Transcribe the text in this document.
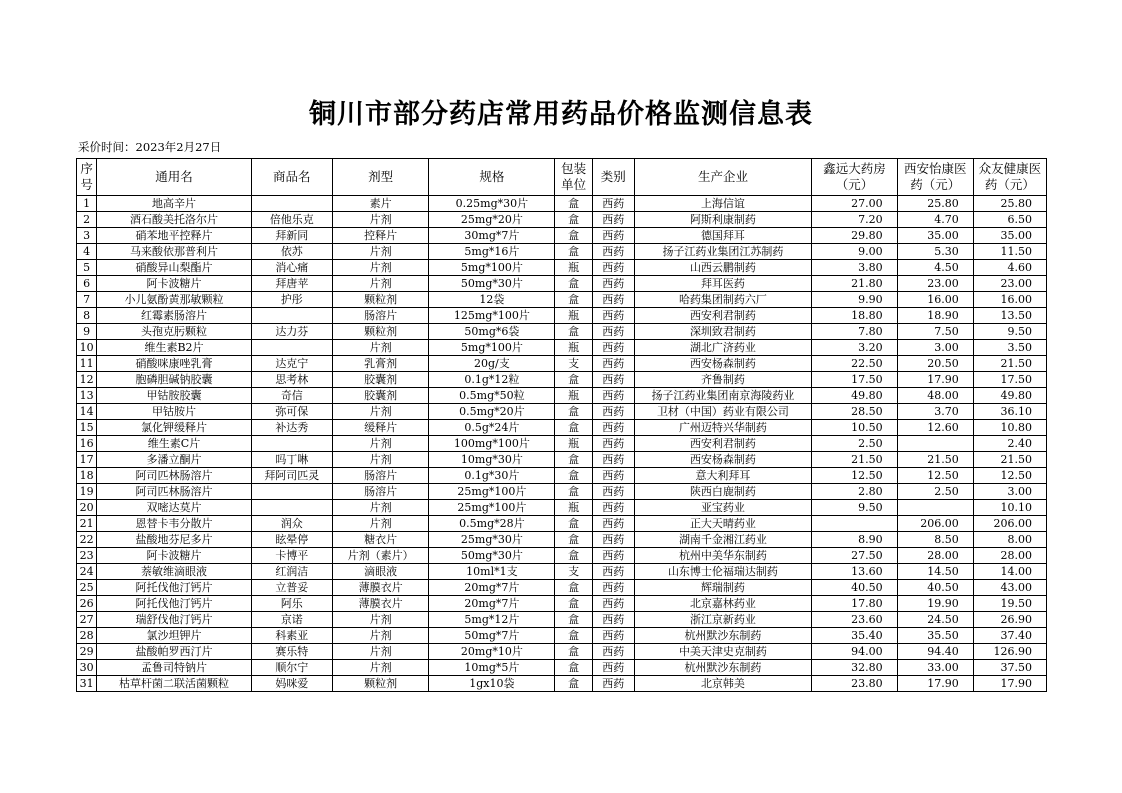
铜川市部分药店常用药品价格监测信息表
采价时间：2023年2月27日
序号	通用名	商品名	剂型	规格	包装单位	类别	生产企业	鑫远大药房（元）	西安怡康医药（元）	众友健康医药（元）
1	地高辛片		素片	0.25mg*30片	盒	西药	上海信谊	27.00	25.80	25.80
2	酒石酸美托洛尔片	倍他乐克	片剂	25mg*20片	盒	西药	阿斯利康制药	7.20	4.70	6.50
3	硝苯地平控释片	拜新同	控释片	30mg*7片	盒	西药	德国拜耳	29.80	35.00	35.00
4	马来酸依那普利片	依苏	片剂	5mg*16片	盒	西药	扬子江药业集团江苏制药	9.00	5.30	11.50
5	硝酸异山梨酯片	消心痛	片剂	5mg*100片	瓶	西药	山西云鹏制药	3.80	4.50	4.60
6	阿卡波糖片	拜唐苹	片剂	50mg*30片	盒	西药	拜耳医药	21.80	23.00	23.00
7	小儿氨酚黄那敏颗粒	护彤	颗粒剂	12袋	盒	西药	哈药集团制药六厂	9.90	16.00	16.00
8	红霉素肠溶片		肠溶片	125mg*100片	瓶	西药	西安利君制药	18.80	18.90	13.50
9	头孢克肟颗粒	达力芬	颗粒剂	50mg*6袋	盒	西药	深圳致君制药	7.80	7.50	9.50
10	维生素B2片		片剂	5mg*100片	瓶	西药	湖北广济药业	3.20	3.00	3.50
11	硝酸咪康唑乳膏	达克宁	乳膏剂	20g/支	支	西药	西安杨森制药	22.50	20.50	21.50
12	胞磷胆碱钠胶囊	思考林	胶囊剂	0.1g*12粒	盒	西药	齐鲁制药	17.50	17.90	17.50
13	甲钴胺胶囊	奇信	胶囊剂	0.5mg*50粒	瓶	西药	扬子江药业集团南京海陵药业	49.80	48.00	49.80
14	甲钴胺片	弥可保	片剂	0.5mg*20片	盒	西药	卫材（中国）药业有限公司	28.50	3.70	36.10
15	氯化钾缓释片	补达秀	缓释片	0.5g*24片	盒	西药	广州迈特兴华制药	10.50	12.60	10.80
16	维生素C片		片剂	100mg*100片	瓶	西药	西安利君制药	2.50		2.40
17	多潘立酮片	吗丁啉	片剂	10mg*30片	盒	西药	西安杨森制药	21.50	21.50	21.50
18	阿司匹林肠溶片	拜阿司匹灵	肠溶片	0.1g*30片	盒	西药	意大利拜耳	12.50	12.50	12.50
19	阿司匹林肠溶片		肠溶片	25mg*100片	盒	西药	陕西白鹿制药	2.80	2.50	3.00
20	双嘧达莫片		片剂	25mg*100片	瓶	西药	亚宝药业	9.50		10.10
21	恩替卡韦分散片	润众	片剂	0.5mg*28片	盒	西药	正大天晴药业		206.00	206.00
22	盐酸地芬尼多片	眩晕停	糖衣片	25mg*30片	盒	西药	湖南千金湘江药业	8.90	8.50	8.00
23	阿卡波糖片	卡博平	片剂（素片）	50mg*30片	盒	西药	杭州中美华东制药	27.50	28.00	28.00
24	萘敏维滴眼液	红润洁	滴眼液	10ml*1支	支	西药	山东博士伦福瑞达制药	13.60	14.50	14.00
25	阿托伐他汀钙片	立普妥	薄膜衣片	20mg*7片	盒	西药	辉瑞制药	40.50	40.50	43.00
26	阿托伐他汀钙片	阿乐	薄膜衣片	20mg*7片	盒	西药	北京嘉林药业	17.80	19.90	19.50
27	瑞舒伐他汀钙片	京诺	片剂	5mg*12片	盒	西药	浙江京新药业	23.60	24.50	26.90
28	氯沙坦钾片	科素亚	片剂	50mg*7片	盒	西药	杭州默沙东制药	35.40	35.50	37.40
29	盐酸帕罗西汀片	赛乐特	片剂	20mg*10片	盒	西药	中美天津史克制药	94.00	94.40	126.90
30	孟鲁司特钠片	顺尔宁	片剂	10mg*5片	盒	西药	杭州默沙东制药	32.80	33.00	37.50
31	枯草杆菌二联活菌颗粒	妈咪爱	颗粒剂	1gx10袋	盒	西药	北京韩美	23.80	17.90	17.90
